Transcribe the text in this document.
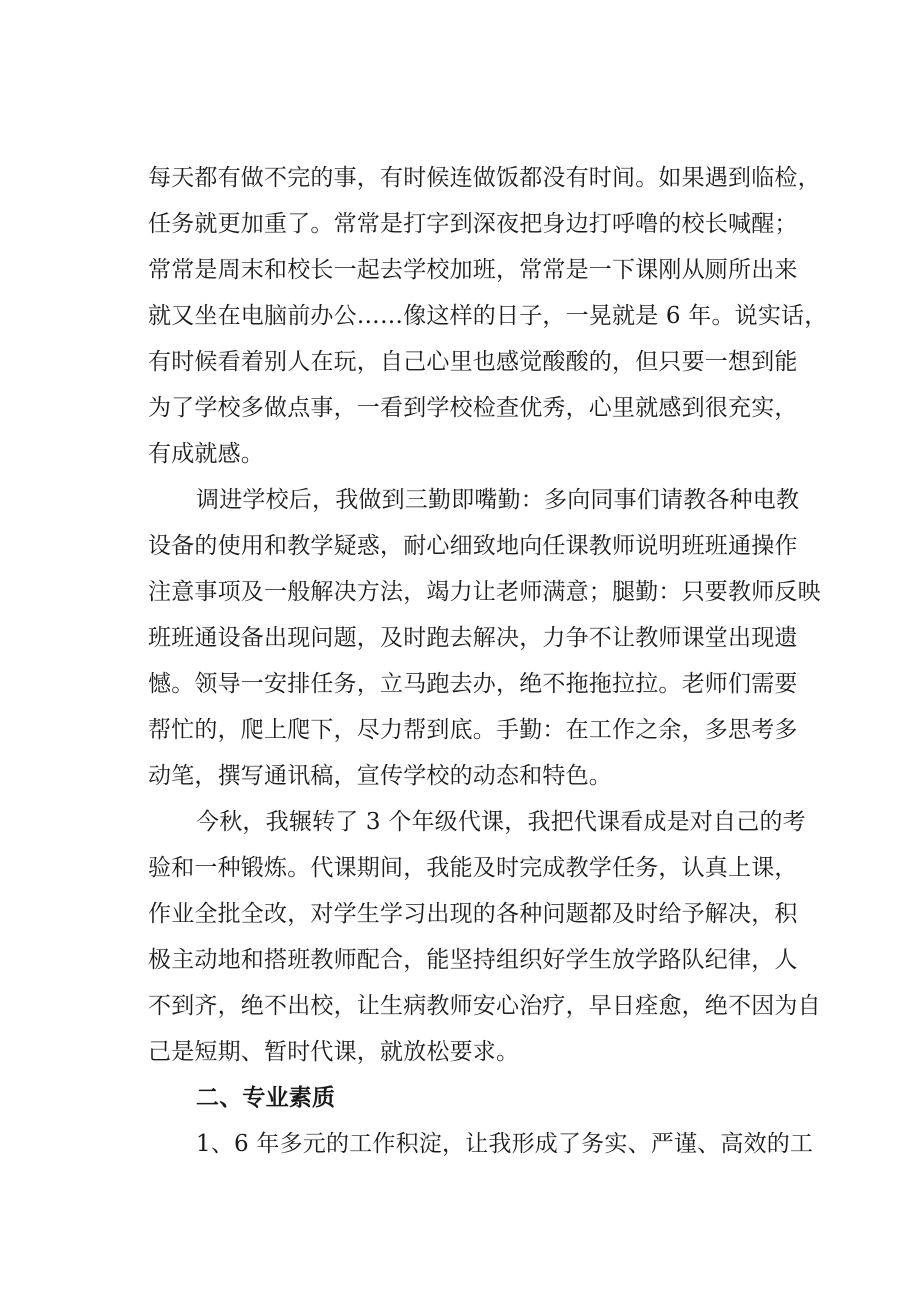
每天都有做不完的事，有时候连做饭都没有时间。如果遇到临检，
任务就更加重了。常常是打字到深夜把身边打呼噜的校长喊醒；
常常是周末和校长一起去学校加班，常常是一下课刚从厕所出来
就又坐在电脑前办公……像这样的日子，一晃就是 6 年。说实话，
有时候看着别人在玩，自己心里也感觉酸酸的，但只要一想到能
为了学校多做点事，一看到学校检查优秀，心里就感到很充实，
有成就感。
调进学校后，我做到三勤即嘴勤：多向同事们请教各种电教
设备的使用和教学疑惑，耐心细致地向任课教师说明班班通操作
注意事项及一般解决方法，竭力让老师满意；腿勤：只要教师反映
班班通设备出现问题，及时跑去解决，力争不让教师课堂出现遗
憾。领导一安排任务，立马跑去办，绝不拖拖拉拉。老师们需要
帮忙的，爬上爬下，尽力帮到底。手勤：在工作之余，多思考多
动笔，撰写通讯稿，宣传学校的动态和特色。
今秋，我辗转了 3 个年级代课，我把代课看成是对自己的考
验和一种锻炼。代课期间，我能及时完成教学任务，认真上课，
作业全批全改，对学生学习出现的各种问题都及时给予解决，积
极主动地和搭班教师配合，能坚持组织好学生放学路队纪律，人
不到齐，绝不出校，让生病教师安心治疗，早日痊愈，绝不因为自
己是短期、暂时代课，就放松要求。
二、专业素质
1、6 年多元的工作积淀，让我形成了务实、严谨、高效的工
